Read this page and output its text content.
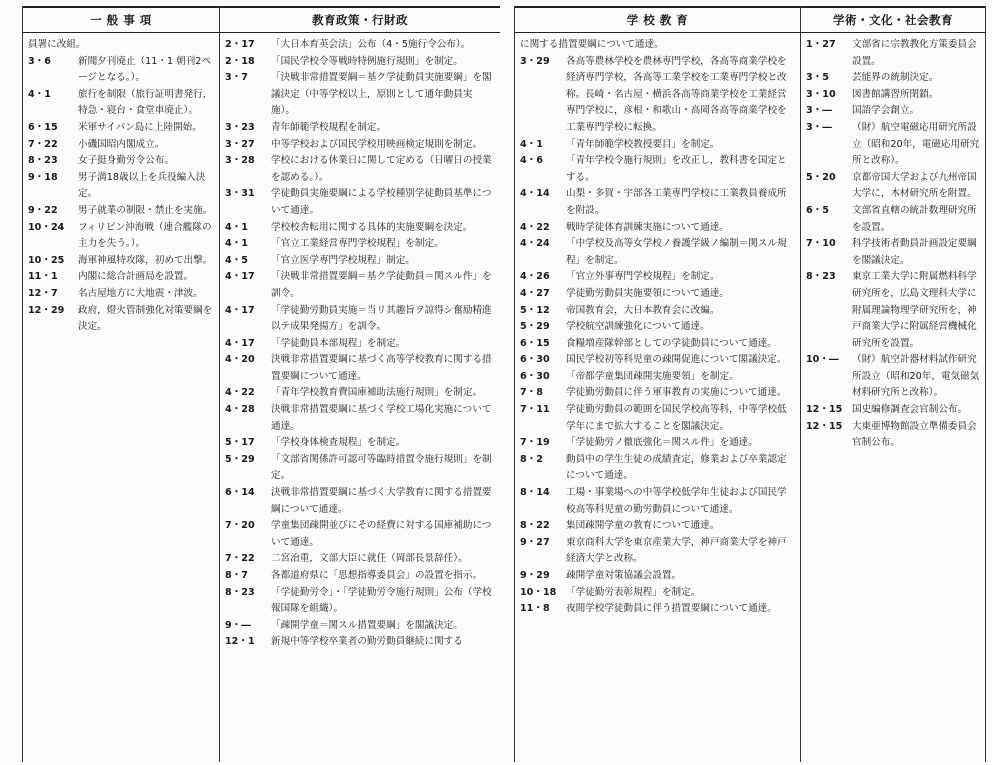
一 般 事 項
員署に改組。
3・6	新聞夕刊廃止（11・1 朝刊2ページとなる。）。
4・1	旅行を制限（旅行証明書発行，特急・寝台・食堂車廃止）。
6・15	米軍サイパン島に上陸開始。
7・22	小磯国昭内閣成立。
8・23	女子挺身勤労令公布。
9・18	男子満18歳以上を兵役編入決定。
9・22	男子就業の制限・禁止を実施。
10・24	フィリピン沖海戦（連合艦隊の主力を失う。）。
10・25	海軍神風特攻隊，初めて出撃。
11・1	内閣に総合計画局を設置。
12・7	名古屋地方に大地震・津波。
12・29	政府，燈火管制強化対策要綱を決定。
教育政策・行財政
2・17	「大日本育英会法」公布（4・5施行令公布）。
2・18	「国民学校令等戦時特例施行規則」を制定。
3・7	「決戦非常措置要綱＝基ク学徒動員実施要綱」を閣議決定（中等学校以上，原則として通年動員実施）。
3・23	青年師範学校規程を制定。
3・27	中等学校および国民学校用映画検定規則を制定。
3・28	学校における休業日に関して定める（日曜日の授業を認める。）。
3・31	学徒動員実施要綱による学校種別学徒動員基準について通達。
4・1	学校校舎転用に関する具体的実施要綱を決定。
4・1	「官立工業経営専門学校規程」を制定。
4・5	「官立医学専門学校規程」制定。
4・17	「決戦非常措置要綱＝基ク学徒動員＝関スル件」を訓令。
4・17	「学徒勤労動員実施＝当リ其趣旨ヲ諒得シ奮励精進以テ成果発揚方」を訓令。
4・17	「学徒動員本部規程」を制定。
4・20	決戦非常措置要綱に基づく高等学校教育に関する措置要綱について通達。
4・22	「青年学校教育費国庫補助法施行規則」を制定。
4・28	決戦非常措置要綱に基づく学校工場化実施について通達。
5・17	「学校身体検査規程」を制定。
5・29	「文部省関係許可認可等臨時措置令施行規則」を制定。
6・14	決戦非常措置要綱に基づく大学教育に関する措置要綱について通達。
7・20	学童集団疎開並びにその経費に対する国庫補助について通達。
7・22	二宮治重，文部大臣に就任（岡部長景辞任）。
8・7	各都道府県に「思想指導委員会」の設置を指示。
8・23	「学徒勤労令」・「学徒勤労令施行規則」公布（学校報国隊を組織）。
9・―	「疎開学童＝関スル措置要綱」を閣議決定。
12・1	新規中等学校卒業者の勤労動員継続に関する
学 校 教 育
に関する措置要綱について通達。
3・29	各高等農林学校を農林専門学校，各高等商業学校を経済専門学校，各高等工業学校を工業専門学校と改称。長崎・名古屋・横浜各高等商業学校を工業経営専門学校に，彦根・和歌山・高岡各高等商業学校を工業専門学校に転換。
4・1	「青年師範学校教授要目」を制定。
4・6	「青年学校令施行規則」を改正し，教科書を国定とする。
4・14	山梨・多賀・宇部各工業専門学校に工業教員養成所を附設。
4・22	戦時学徒体育訓練実施について通達。
4・24	「中学校及高等女学校ノ養護学級ノ編制＝関スル規程」を制定。
4・26	「官立外事専門学校規程」を制定。
4・27	学徒勤労動員実施要領について通達。
5・12	帝国教育会，大日本教育会に改編。
5・29	学校航空訓練強化について通達。
6・15	食糧増産隊幹部としての学徒動員について通達。
6・30	国民学校初等科児童の疎開促進について閣議決定。
6・30	「帝都学童集団疎開実施要領」を制定。
7・8	学徒勤労動員に伴う軍事教育の実施について通達。
7・11	学徒勤労動員の範囲を国民学校高等科，中等学校低学年にまで拡大することを閣議決定。
7・19	「学徒勤労ノ徹底強化＝関スル件」を通達。
8・2	動員中の学生生徒の成績査定，修業および卒業認定について通達。
8・14	工場・事業場への中等学校低学年生徒および国民学校高等科児童の勤労動員について通達。
8・22	集団疎開学童の教育について通達。
9・27	東京商科大学を東京産業大学，神戸商業大学を神戸経済大学と改称。
9・29	疎開学童対策協議会設置。
10・18	「学徒勤労表彰規程」を制定。
11・8	夜間学校学徒動員に伴う措置要綱について通達。
学術・文化・社会教育
1・27	文部省に宗教教化方策委員会設置。
3・5	芸能界の統制決定。
3・10	図書館講習所閉鎖。
3・―	国語学会創立。
3・―	（財）航空電磁応用研究所設立（昭和20年，電磁応用研究所と改称）。
5・20	京都帝国大学および九州帝国大学に，木材研究所を附置。
6・5	文部省直轄の統計数理研究所を設置。
7・10	科学技術者動員計画設定要綱を閣議決定。
8・23	東京工業大学に附属燃料科学研究所を，広島文理科大学に附属理論物理学研究所を，神戸商業大学に附属経営機械化研究所を設置。
10・―	（財）航空計器材料試作研究所設立（昭和20年，電気磁気材料研究所と改称）。
12・15	国史編修調査会官制公布。
12・15	大東亜博物館設立準備委員会官制公布。
